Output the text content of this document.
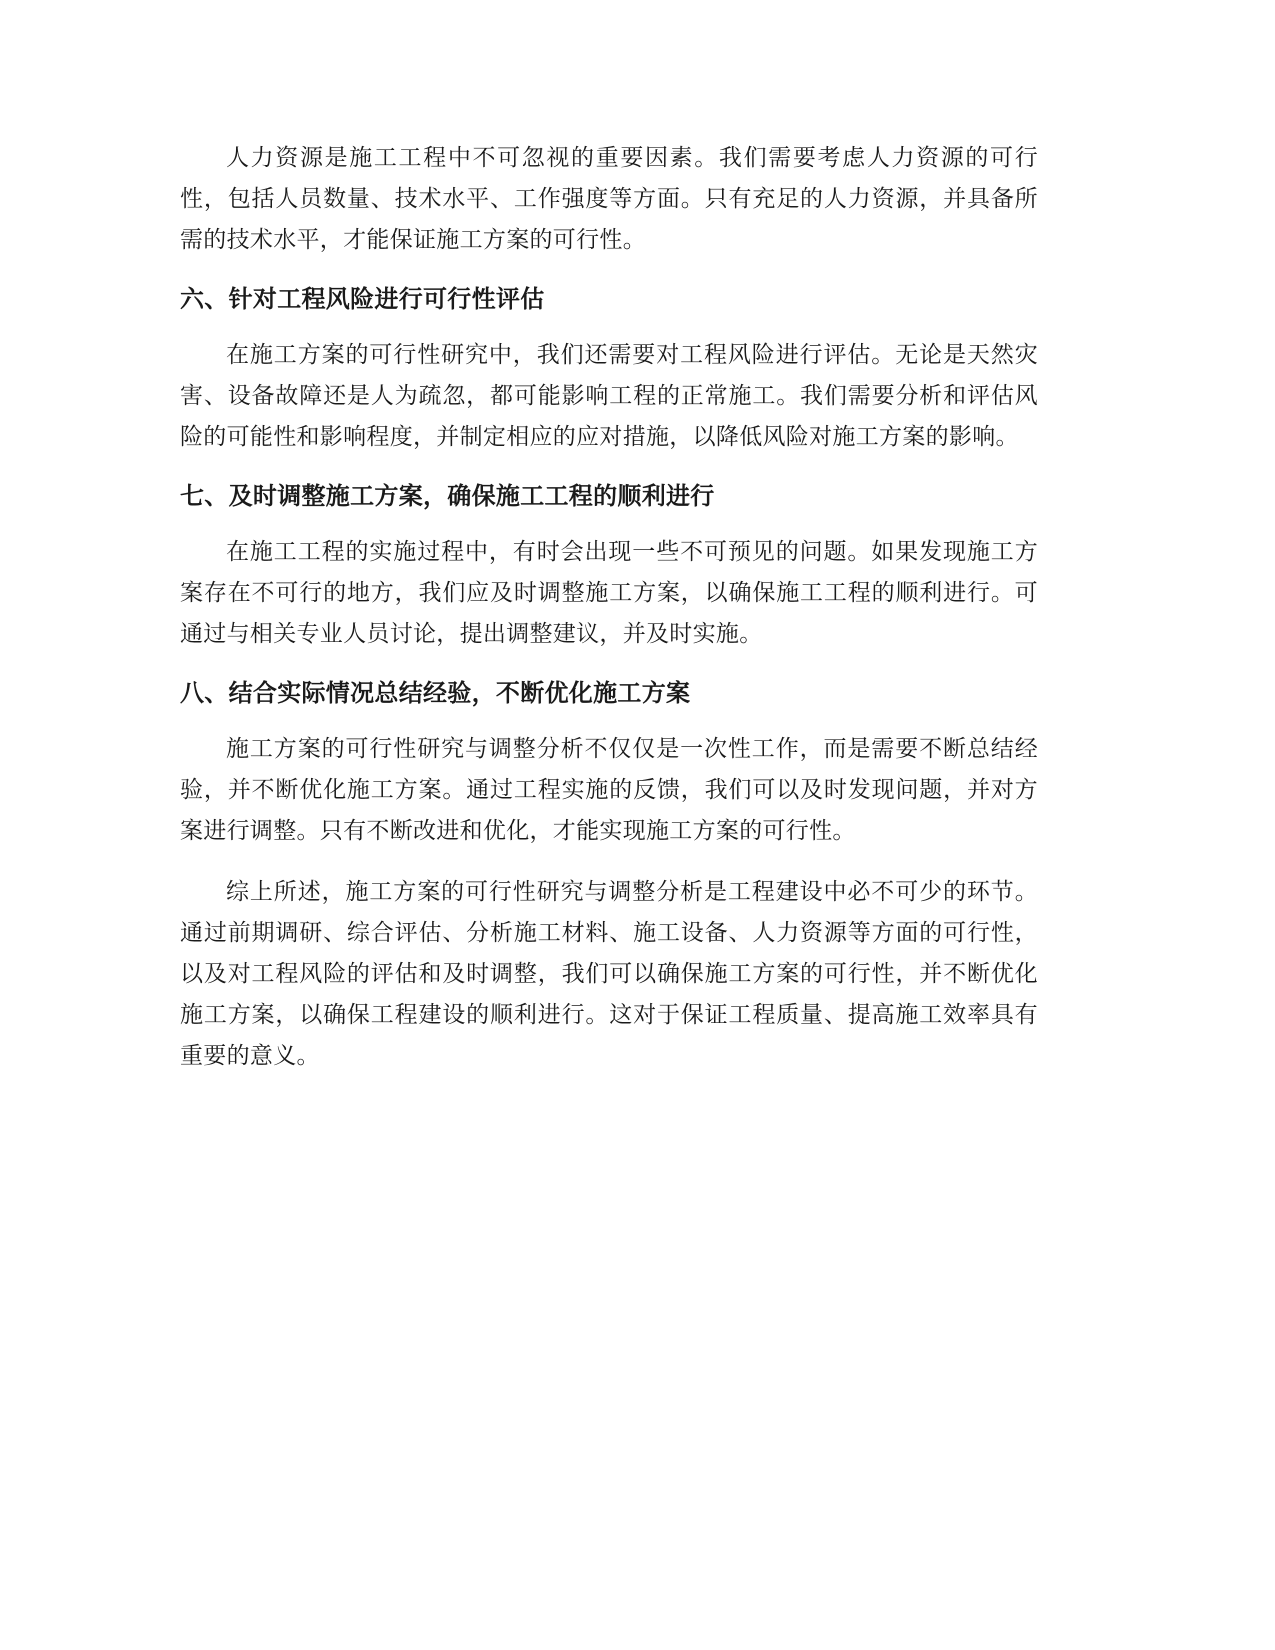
人力资源是施工工程中不可忽视的重要因素。我们需要考虑人力资源的可行性，包括人员数量、技术水平、工作强度等方面。只有充足的人力资源，并具备所需的技术水平，才能保证施工方案的可行性。

六、针对工程风险进行可行性评估

在施工方案的可行性研究中，我们还需要对工程风险进行评估。无论是天然灾害、设备故障还是人为疏忽，都可能影响工程的正常施工。我们需要分析和评估风险的可能性和影响程度，并制定相应的应对措施，以降低风险对施工方案的影响。

七、及时调整施工方案，确保施工工程的顺利进行

在施工工程的实施过程中，有时会出现一些不可预见的问题。如果发现施工方案存在不可行的地方，我们应及时调整施工方案，以确保施工工程的顺利进行。可通过与相关专业人员讨论，提出调整建议，并及时实施。

八、结合实际情况总结经验，不断优化施工方案

施工方案的可行性研究与调整分析不仅仅是一次性工作，而是需要不断总结经验，并不断优化施工方案。通过工程实施的反馈，我们可以及时发现问题，并对方案进行调整。只有不断改进和优化，才能实现施工方案的可行性。

综上所述，施工方案的可行性研究与调整分析是工程建设中必不可少的环节。通过前期调研、综合评估、分析施工材料、施工设备、人力资源等方面的可行性，以及对工程风险的评估和及时调整，我们可以确保施工方案的可行性，并不断优化施工方案，以确保工程建设的顺利进行。这对于保证工程质量、提高施工效率具有重要的意义。
